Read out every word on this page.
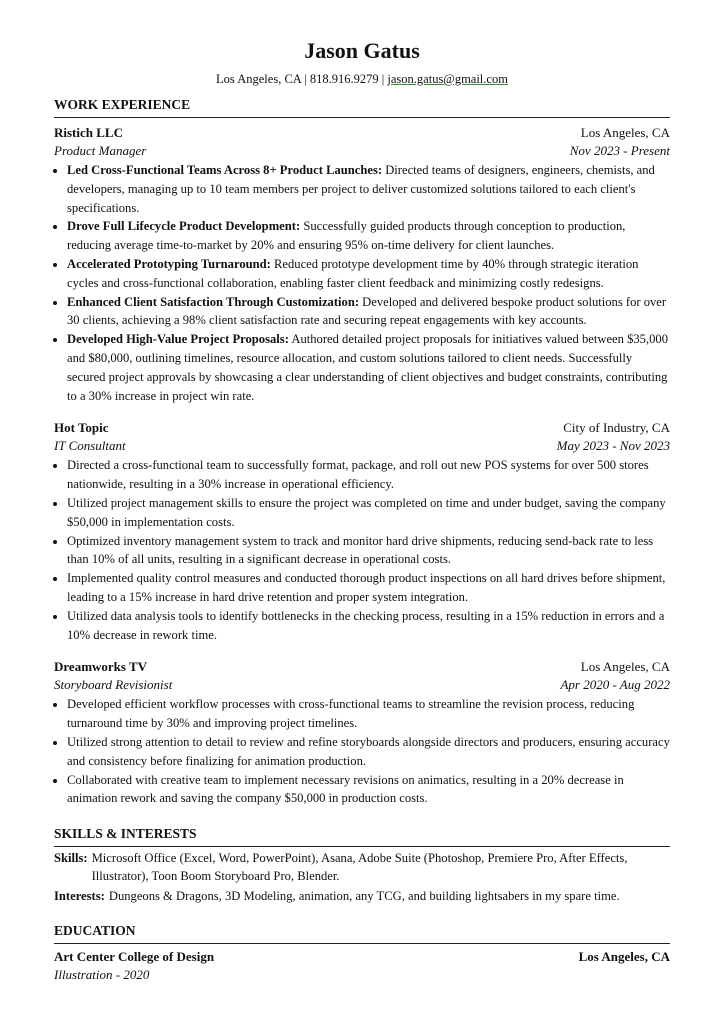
Jason Gatus
Los Angeles, CA | 818.916.9279 | jason.gatus@gmail.com
WORK EXPERIENCE
Ristich LLC	Los Angeles, CA
Product Manager	Nov 2023 - Present
• Led Cross-Functional Teams Across 8+ Product Launches: Directed teams of designers, engineers, chemists, and developers, managing up to 10 team members per project to deliver customized solutions tailored to each client's specifications.
• Drove Full Lifecycle Product Development: Successfully guided products through conception to production, reducing average time-to-market by 20% and ensuring 95% on-time delivery for client launches.
• Accelerated Prototyping Turnaround: Reduced prototype development time by 40% through strategic iteration cycles and cross-functional collaboration, enabling faster client feedback and minimizing costly redesigns.
• Enhanced Client Satisfaction Through Customization: Developed and delivered bespoke product solutions for over 30 clients, achieving a 98% client satisfaction rate and securing repeat engagements with key accounts.
• Developed High-Value Project Proposals: Authored detailed project proposals for initiatives valued between $35,000 and $80,000, outlining timelines, resource allocation, and custom solutions tailored to client needs. Successfully secured project approvals by showcasing a clear understanding of client objectives and budget constraints, contributing to a 30% increase in project win rate.
Hot Topic	City of Industry, CA
IT Consultant	May 2023 - Nov 2023
• Directed a cross-functional team to successfully format, package, and roll out new POS systems for over 500 stores nationwide, resulting in a 30% increase in operational efficiency.
• Utilized project management skills to ensure the project was completed on time and under budget, saving the company $50,000 in implementation costs.
• Optimized inventory management system to track and monitor hard drive shipments, reducing send-back rate to less than 10% of all units, resulting in a significant decrease in operational costs.
• Implemented quality control measures and conducted thorough product inspections on all hard drives before shipment, leading to a 15% increase in hard drive retention and proper system integration.
• Utilized data analysis tools to identify bottlenecks in the checking process, resulting in a 15% reduction in errors and a 10% decrease in rework time.
Dreamworks TV	Los Angeles, CA
Storyboard Revisionist	Apr 2020 - Aug 2022
• Developed efficient workflow processes with cross-functional teams to streamline the revision process, reducing turnaround time by 30% and improving project timelines.
• Utilized strong attention to detail to review and refine storyboards alongside directors and producers, ensuring accuracy and consistency before finalizing for animation production.
• Collaborated with creative team to implement necessary revisions on animatics, resulting in a 20% decrease in animation rework and saving the company $50,000 in production costs.
SKILLS & INTERESTS
Skills: Microsoft Office (Excel, Word, PowerPoint), Asana, Adobe Suite (Photoshop, Premiere Pro, After Effects, Illustrator), Toon Boom Storyboard Pro, Blender.
Interests: Dungeons & Dragons, 3D Modeling, animation, any TCG, and building lightsabers in my spare time.
EDUCATION
Art Center College of Design	Los Angeles, CA
Illustration - 2020
